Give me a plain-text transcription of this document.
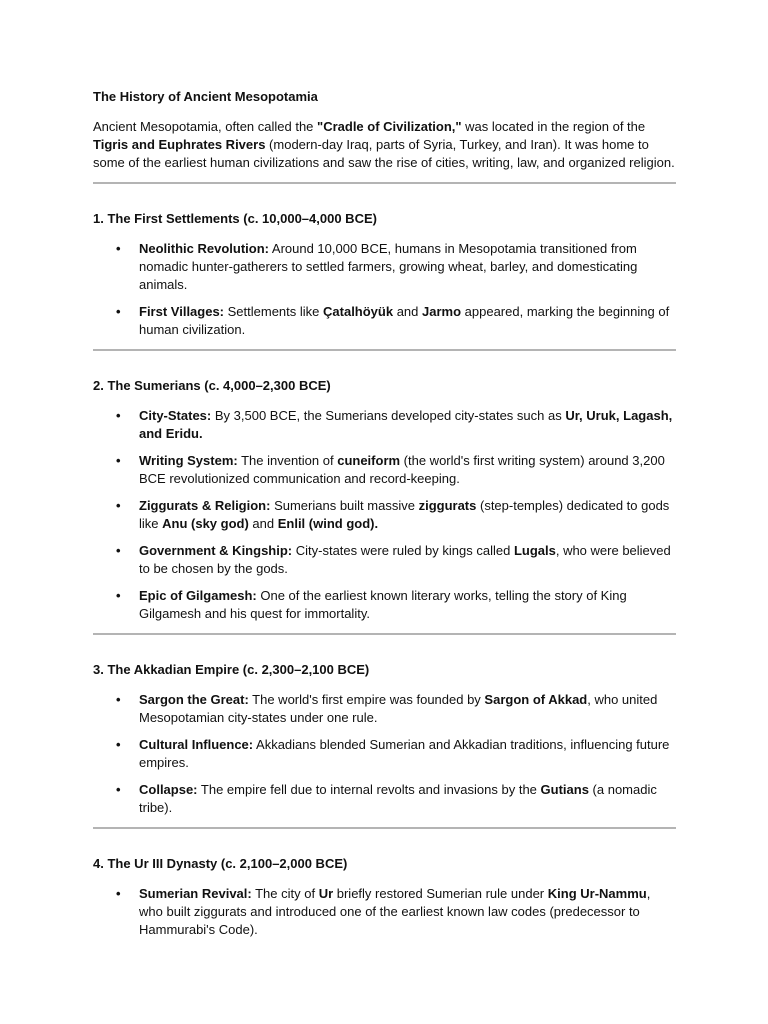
The History of Ancient Mesopotamia

Ancient Mesopotamia, often called the "Cradle of Civilization," was located in the region of the Tigris and Euphrates Rivers (modern-day Iraq, parts of Syria, Turkey, and Iran). It was home to some of the earliest human civilizations and saw the rise of cities, writing, law, and organized religion.

1. The First Settlements (c. 10,000–4,000 BCE)
• Neolithic Revolution: Around 10,000 BCE, humans in Mesopotamia transitioned from nomadic hunter-gatherers to settled farmers, growing wheat, barley, and domesticating animals.
• First Villages: Settlements like Çatalhöyük and Jarmo appeared, marking the beginning of human civilization.
2. The Sumerians (c. 4,000–2,300 BCE)
• City-States: By 3,500 BCE, the Sumerians developed city-states such as Ur, Uruk, Lagash, and Eridu.
• Writing System: The invention of cuneiform (the world's first writing system) around 3,200 BCE revolutionized communication and record-keeping.
• Ziggurats & Religion: Sumerians built massive ziggurats (step-temples) dedicated to gods like Anu (sky god) and Enlil (wind god).
• Government & Kingship: City-states were ruled by kings called Lugals, who were believed to be chosen by the gods.
• Epic of Gilgamesh: One of the earliest known literary works, telling the story of King Gilgamesh and his quest for immortality.
3. The Akkadian Empire (c. 2,300–2,100 BCE)
• Sargon the Great: The world's first empire was founded by Sargon of Akkad, who united Mesopotamian city-states under one rule.
• Cultural Influence: Akkadians blended Sumerian and Akkadian traditions, influencing future empires.
• Collapse: The empire fell due to internal revolts and invasions by the Gutians (a nomadic tribe).
4. The Ur III Dynasty (c. 2,100–2,000 BCE)
• Sumerian Revival: The city of Ur briefly restored Sumerian rule under King Ur-Nammu, who built ziggurats and introduced one of the earliest known law codes (predecessor to Hammurabi's Code).
